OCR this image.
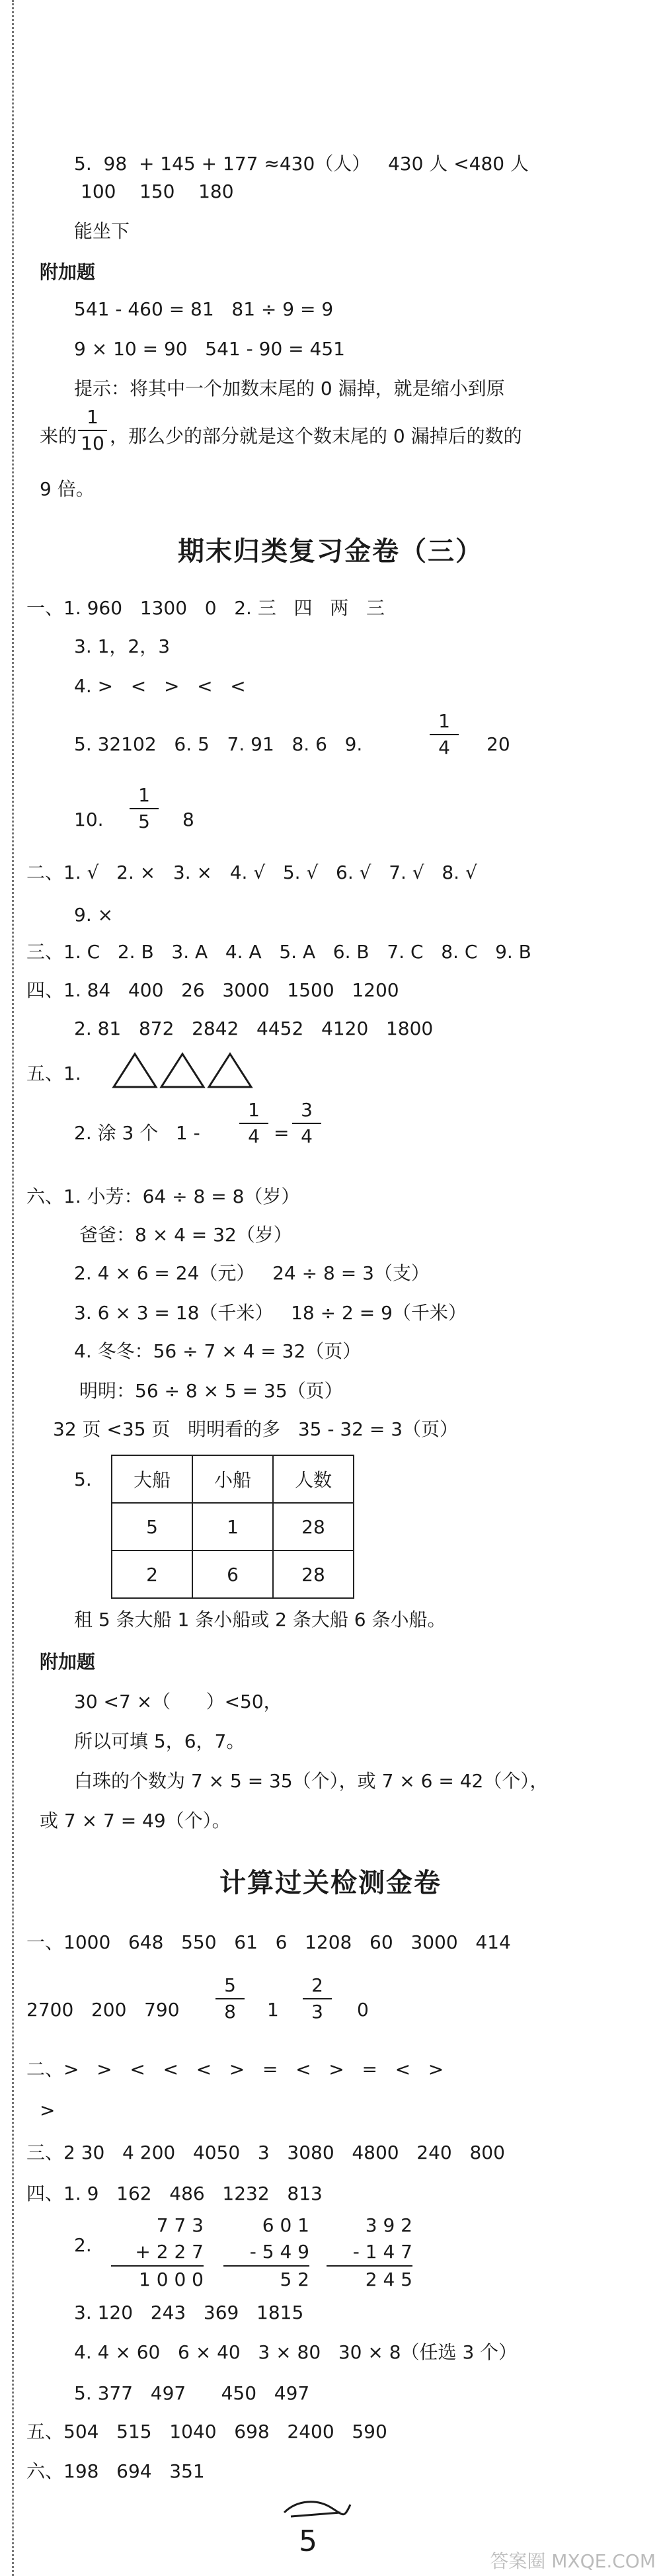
5.  98  + 145 + 177 ≈430（人）   430 人 <480 人
100    150    180
能坐下
附加题
541 - 460 = 81   81 ÷ 9 = 9
9 × 10 = 90   541 - 90 = 451
提示：将其中一个加数末尾的 0 漏掉，就是缩小到原
来的
1
10 ，那么少的部分就是这个数末尾的 0 漏掉后的数的
9 倍。
期末归类复习金卷（三）
一、1. 960   1300   0   2. 三   四   两   三
3. 1，2，3
4. >   <   >   <   <
5. 32102   6. 5   7. 91   8. 6   9.
1
4	20
10.
1
5	8
二、1. √   2. ×   3. ×   4. √   5. √   6. √   7. √   8. √
9. ×
三、1. C   2. B   3. A   4. A   5. A   6. B   7. C   8. C   9. B
四、1. 84   400   26   3000   1500   1200
2. 81   872   2842   4452   4120   1800
五、1.
2. 涂 3 个   1 -
1
4 =
3
4
六、1. 小芳：64 ÷ 8 = 8（岁）
爸爸：8 × 4 = 32（岁）
2. 4 × 6 = 24（元）   24 ÷ 8 = 3（支）
3. 6 × 3 = 18（千米）   18 ÷ 2 = 9（千米）
4. 冬冬：56 ÷ 7 × 4 = 32（页）
明明：56 ÷ 8 × 5 = 35（页）
32 页 <35 页   明明看的多   35 - 32 = 3（页）
5. 大船	小船	人数
5	1	28
2	6	28
租 5 条大船 1 条小船或 2 条大船 6 条小船。
附加题
30 <7 ×（      ）<50，
所以可填 5，6，7。
白珠的个数为 7 × 5 = 35（个），或 7 × 6 = 42（个），
或 7 × 7 = 49（个）。
计算过关检测金卷
一、1000   648   550   61   6   1208   60   3000   414
2700   200   790
5
8	1
2
3	0
二、>   >   <   <   <   >   =   <   >   =   <   >
>
三、2 30   4 200   4050   3   3080   4800   240   800
四、1. 9   162   486   1232   813
2.
7 7 3
+ 2 2 7
1 0 0 0
6 0 1
- 5 4 9
5 2
3 9 2
- 1 4 7
2 4 5
3. 120   243   369   1815
4. 4 × 60   6 × 40   3 × 80   30 × 8（任选 3 个）
5. 377   497      450   497
五、504   515   1040   698   2400   590
六、198   694   351
5
答案圈 MXQE.COM
